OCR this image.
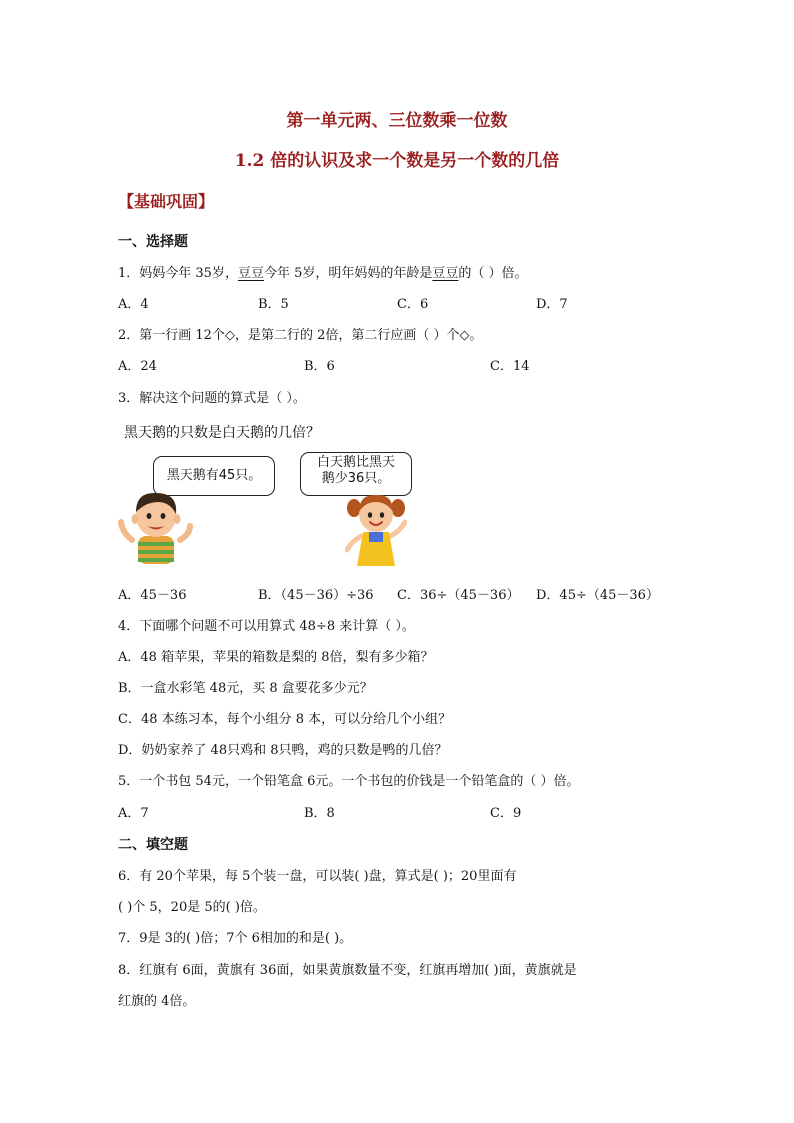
第一单元两、三位数乘一位数
1.2 倍的认识及求一个数是另一个数的几倍
【基础巩固】
一、选择题
1．妈妈今年 35岁，豆豆今年 5岁，明年妈妈的年龄是豆豆的（ ）倍。
A．4	B．5	C．6	D．7
2．第一行画 12个◇，是第二行的 2倍，第二行应画（ ）个◇。
A．24	B．6	C．14
3．解决这个问题的算式是（ ）。
黑天鹅的只数是白天鹅的几倍？
黑天鹅有45只。
白天鹅比黑天
鹅少36只。
A．45－36	B．（45－36）÷36 C．36÷（45－36） D．45÷（45－36）
4．下面哪个问题不可以用算式 48÷8 来计算（ ）。
A．48 箱苹果，苹果的箱数是梨的 8倍，梨有多少箱？
B．一盒水彩笔 48元，买 8 盒要花多少元？
C．48 本练习本，每个小组分 8 本，可以分给几个小组？
D．奶奶家养了 48只鸡和 8只鸭，鸡的只数是鸭的几倍？
5．一个书包 54元，一个铅笔盒 6元。一个书包的价钱是一个铅笔盒的（ ）倍。
A．7	B．8	C．9
二、填空题
6．有 20个苹果，每 5个装一盘，可以装( )盘，算式是( )；20里面有
( )个 5，20是 5的( )倍。
7．9是 3的( )倍；7个 6相加的和是( )。
8．红旗有 6面，黄旗有 36面，如果黄旗数量不变，红旗再增加( )面，黄旗就是
红旗的 4倍。
